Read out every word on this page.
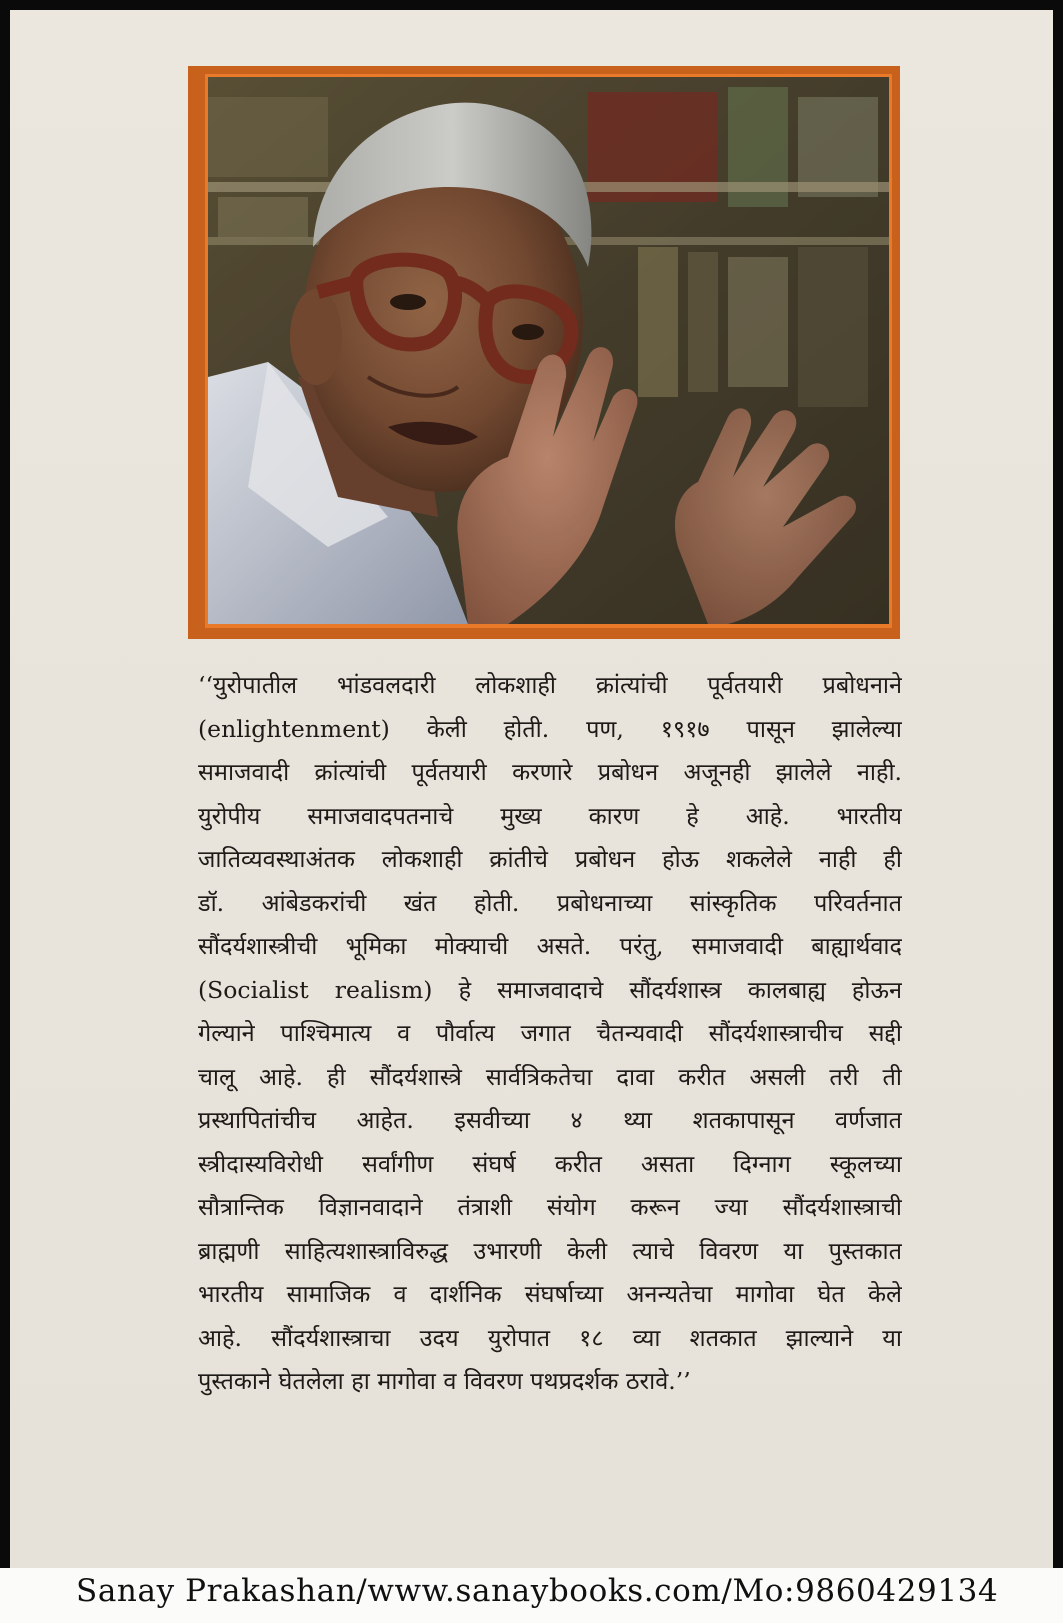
‘‘युरोपातील भांडवलदारी लोकशाही क्रांत्यांची पूर्वतयारी प्रबोधनाने
(enlightenment) केली होती. पण, १९१७ पासून झालेल्या
समाजवादी क्रांत्यांची पूर्वतयारी करणारे प्रबोधन अजूनही झालेले नाही.
युरोपीय समाजवादपतनाचे मुख्य कारण हे आहे. भारतीय
जातिव्यवस्थाअंतक लोकशाही क्रांतीचे प्रबोधन होऊ शकलेले नाही ही
डॉ. आंबेडकरांची खंत होती. प्रबोधनाच्या सांस्कृतिक परिवर्तनात
सौंदर्यशास्त्रीची भूमिका मोक्याची असते. परंतु, समाजवादी बाह्यार्थवाद
(Socialist realism) हे समाजवादाचे सौंदर्यशास्त्र कालबाह्य होऊन
गेल्याने पाश्चिमात्य व पौर्वात्य जगात चैतन्यवादी सौंदर्यशास्त्राचीच सद्दी
चालू आहे. ही सौंदर्यशास्त्रे सार्वत्रिकतेचा दावा करीत असली तरी ती
प्रस्थापितांचीच आहेत. इसवीच्या ४ थ्या शतकापासून वर्णजात
स्त्रीदास्यविरोधी सर्वांगीण संघर्ष करीत असता दिग्नाग स्कूलच्या
सौत्रान्तिक विज्ञानवादाने तंत्राशी संयोग करून ज्या सौंदर्यशास्त्राची
ब्राह्मणी साहित्यशास्त्राविरुद्ध उभारणी केली त्याचे विवरण या पुस्तकात
भारतीय सामाजिक व दार्शनिक संघर्षाच्या अनन्यतेचा मागोवा घेत केले
आहे. सौंदर्यशास्त्राचा उदय युरोपात १८ व्या शतकात झाल्याने या
पुस्तकाने घेतलेला हा मागोवा व विवरण पथप्रदर्शक ठरावे.’’
Sanay Prakashan/www.sanaybooks.com/Mo:9860429134
